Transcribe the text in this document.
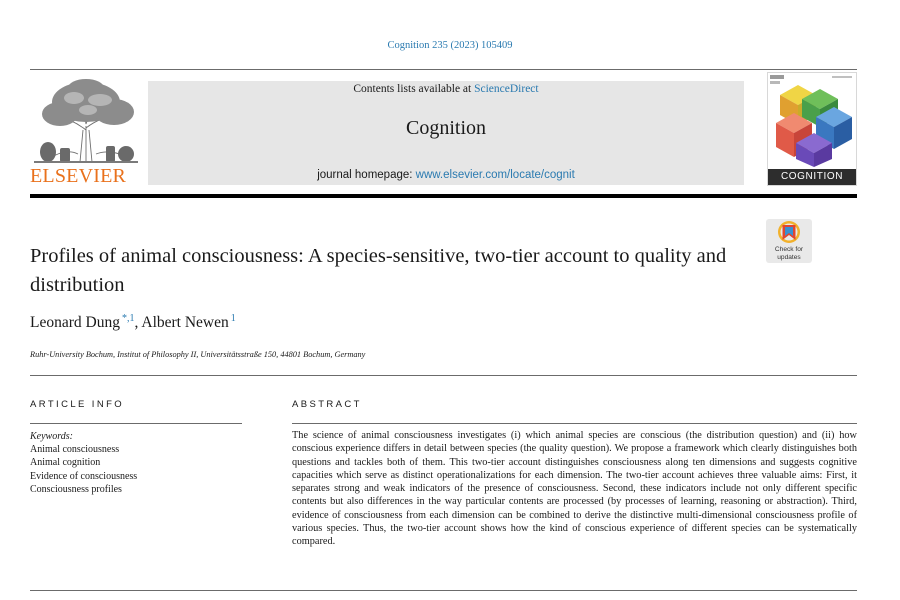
Cognition 235 (2023) 105409
ELSEVIER
Contents lists available at ScienceDirect
Cognition
journal homepage: www.elsevier.com/locate/cognit	COGNITION
Check for updates
Profiles of animal consciousness: A species-sensitive, two-tier account to quality and distribution
Leonard Dung $^{*,1}$, Albert Newen $^1$
Ruhr-University Bochum, Institut of Philosophy II, Universitätsstraße 150, 44801 Bochum, Germany
ARTICLE INFO	ABSTRACT
Keywords:
Animal consciousness
Animal cognition
Evidence of consciousness
Consciousness profiles
The science of animal consciousness investigates (i) which animal species are conscious (the distribution question) and (ii) how conscious experience differs in detail between species (the quality question). We propose a framework which clearly distinguishes both questions and tackles both of them. This two-tier account distinguishes consciousness along ten dimensions and suggests cognitive capacities which serve as distinct operationalizations for each dimension. The two-tier account achieves three valuable aims: First, it separates strong and weak indicators of the presence of consciousness. Second, these indicators include not only different specific contents but also differences in the way particular contents are processed (by processes of learning, reasoning or abstraction). Third, evidence of consciousness from each dimension can be combined to derive the distinctive multi-dimensional consciousness profile of various species. Thus, the two-tier account shows how the kind of conscious experience of different species can be systematically compared.
